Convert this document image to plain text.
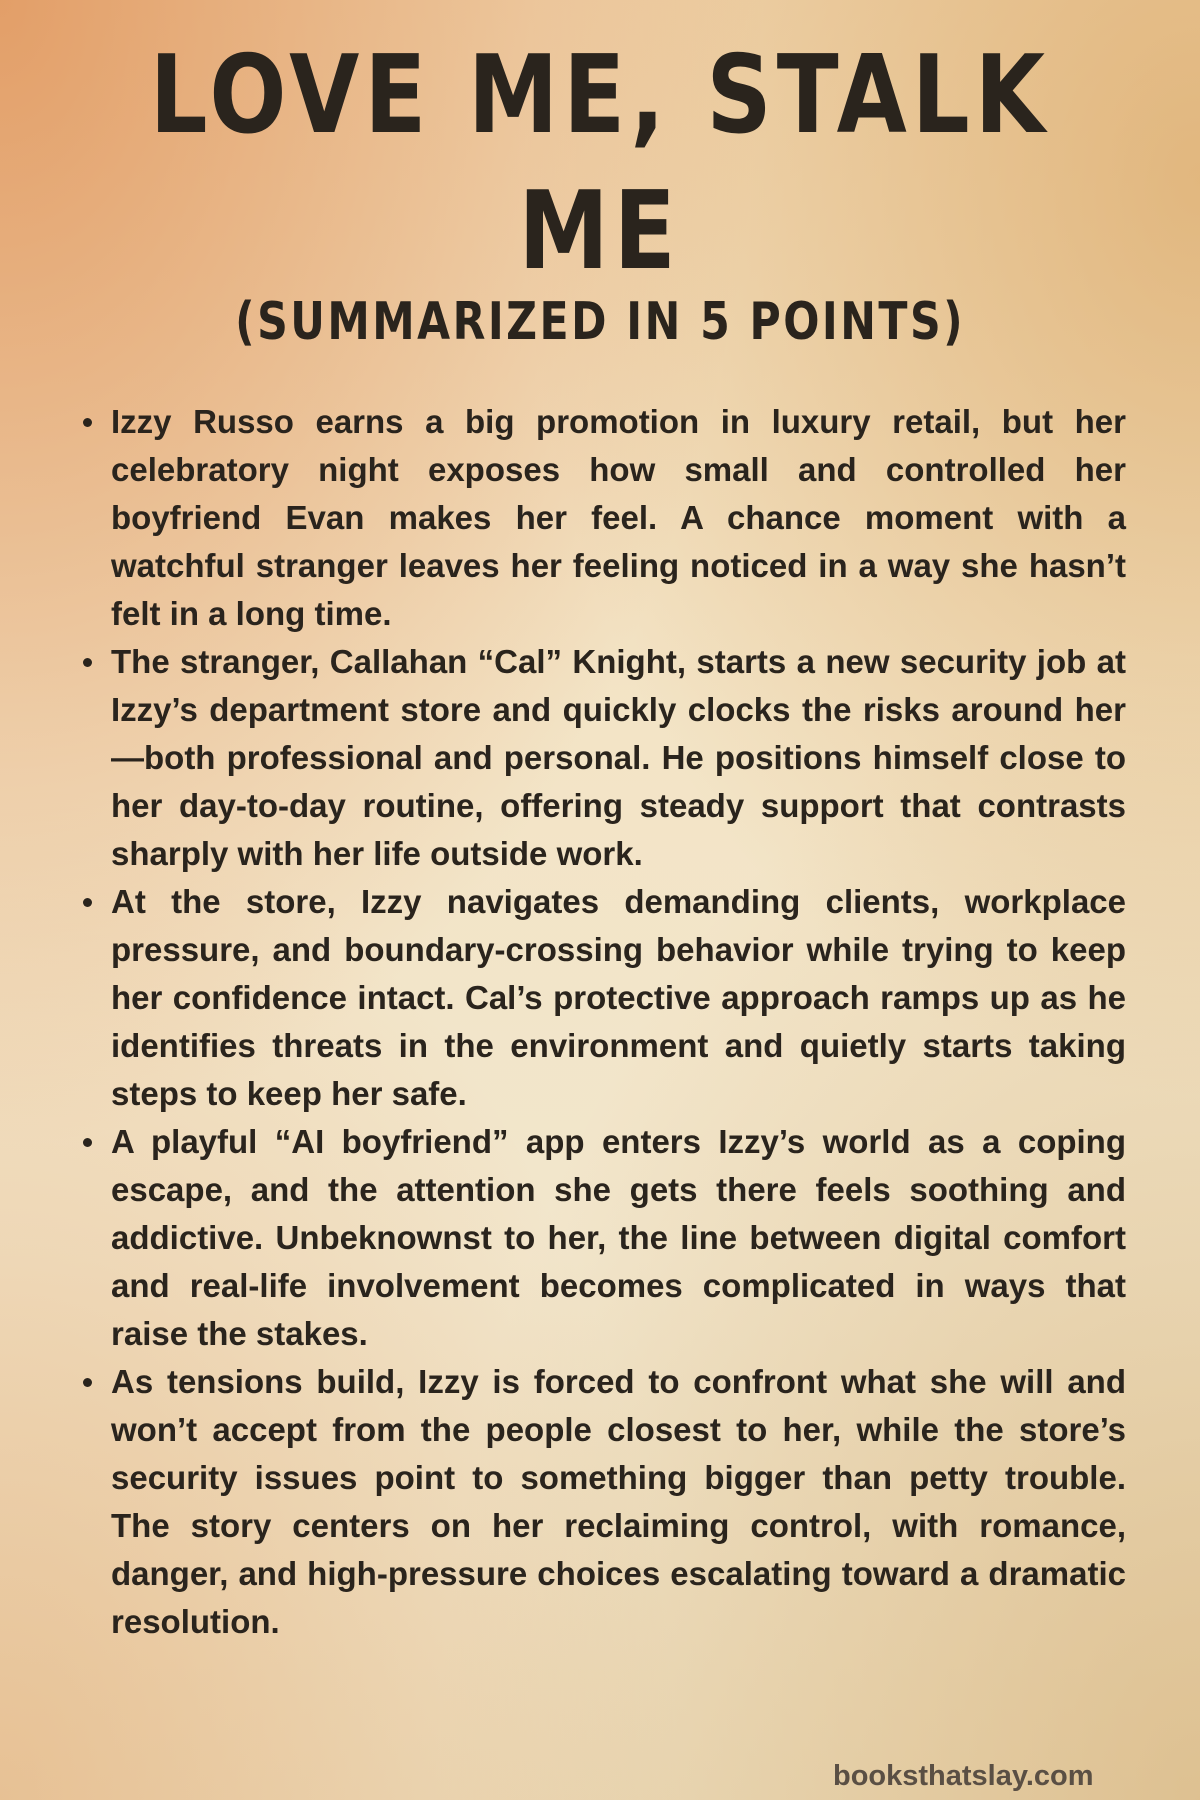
LOVE ME, STALK
ME
(SUMMARIZED IN 5 POINTS)
Izzy Russo earns a big promotion in luxury retail, but her celebratory night exposes how small and controlled her boyfriend Evan makes her feel. A chance moment with a watchful stranger leaves her feeling noticed in a way she hasn’t felt in a long time.
The stranger, Callahan “Cal” Knight, starts a new security job at Izzy’s department store and quickly clocks the risks around her—both professional and personal. He positions himself close to her day-to-day routine, offering steady support that contrasts sharply with her life outside work.
At the store, Izzy navigates demanding clients, workplace pressure, and boundary-crossing behavior while trying to keep her confidence intact. Cal’s protective approach ramps up as he identifies threats in the environment and quietly starts taking steps to keep her safe.
A playful “AI boyfriend” app enters Izzy’s world as a coping escape, and the attention she gets there feels soothing and addictive. Unbeknownst to her, the line between digital comfort and real-life involvement becomes complicated in ways that raise the stakes.
As tensions build, Izzy is forced to confront what she will and won’t accept from the people closest to her, while the store’s security issues point to something bigger than petty trouble. The story centers on her reclaiming control, with romance, danger, and high-pressure choices escalating toward a dramatic resolution.
booksthatslay.com
